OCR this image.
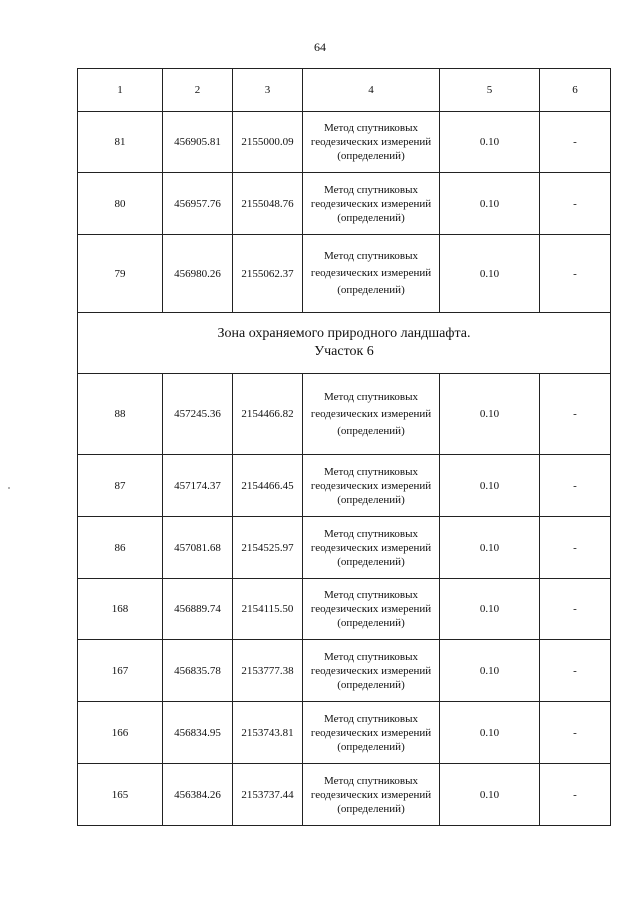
64
1	2	3	4	5	6
81	456905.81	2155000.09	Метод спутниковых геодезических измерений (определений)	0.10	-
80	456957.76	2155048.76	Метод спутниковых геодезических измерений (определений)	0.10	-
79	456980.26	2155062.37	Метод спутниковых геодезических измерений (определений)	0.10	-

Зона охраняемого природного ландшафта.
Участок 6					

88	457245.36	2154466.82	Метод спутниковых геодезических измерений (определений)	0.10	-
87	457174.37	2154466.45	Метод спутниковых геодезических измерений (определений)	0.10	-
86	457081.68	2154525.97	Метод спутниковых геодезических измерений (определений)	0.10	-
168	456889.74	2154115.50	Метод спутниковых геодезических измерений (определений)	0.10	-
167	456835.78	2153777.38	Метод спутниковых геодезических измерений (определений)	0.10	-
166	456834.95	2153743.81	Метод спутниковых геодезических измерений (определений)	0.10	-
165	456384.26	2153737.44	Метод спутниковых геодезических измерений (определений)	0.10	-
